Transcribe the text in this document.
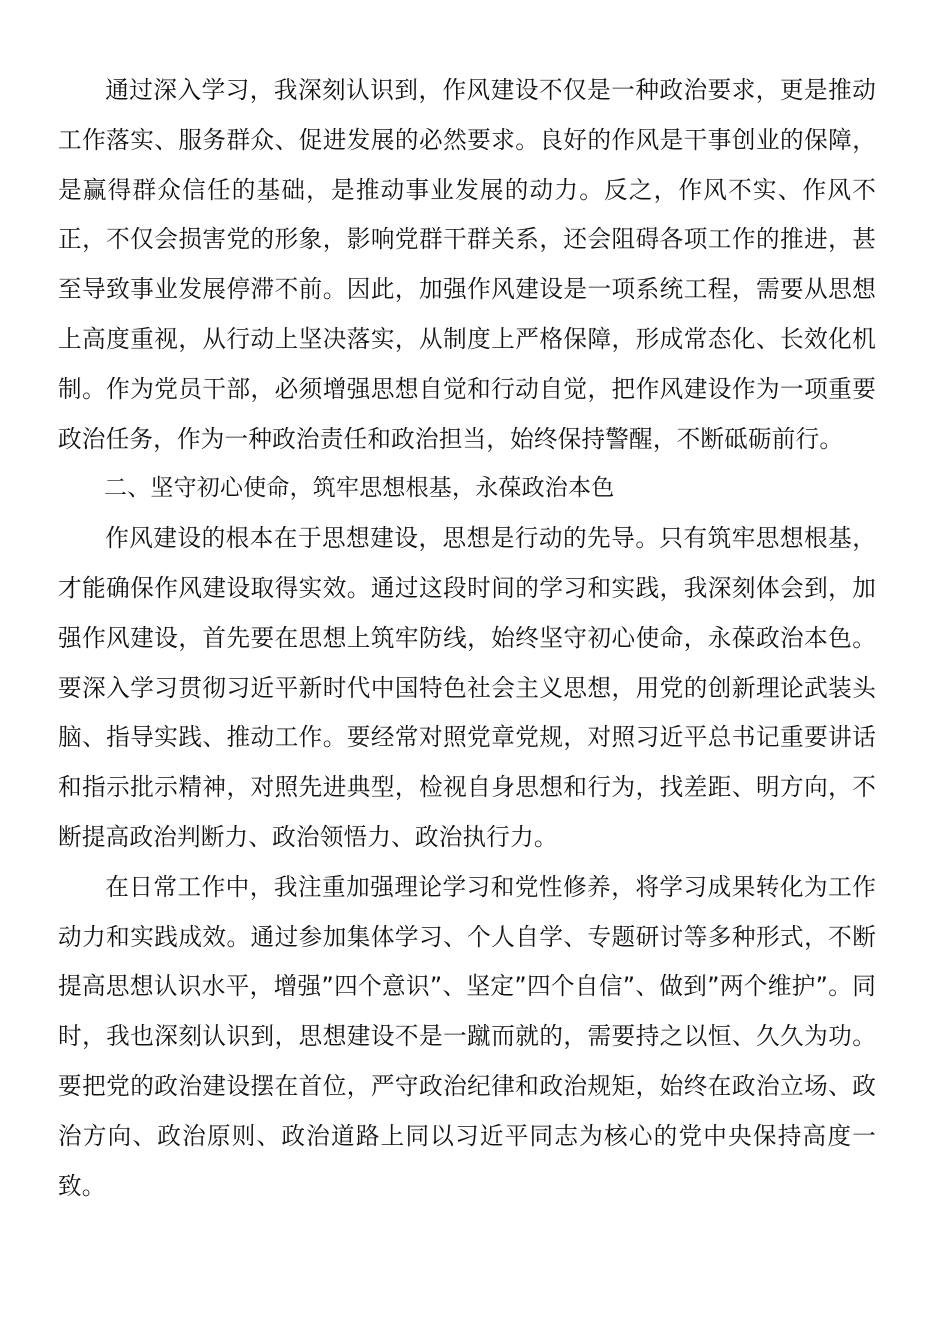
通过深入学习，我深刻认识到，作风建设不仅是一种政治要求，更是推动工作落实、服务群众、促进发展的必然要求。良好的作风是干事创业的保障，是赢得群众信任的基础，是推动事业发展的动力。反之，作风不实、作风不正，不仅会损害党的形象，影响党群干群关系，还会阻碍各项工作的推进，甚至导致事业发展停滞不前。因此，加强作风建设是一项系统工程，需要从思想上高度重视，从行动上坚决落实，从制度上严格保障，形成常态化、长效化机制。作为党员干部，必须增强思想自觉和行动自觉，把作风建设作为一项重要政治任务，作为一种政治责任和政治担当，始终保持警醒，不断砥砺前行。

二、坚守初心使命，筑牢思想根基，永葆政治本色

作风建设的根本在于思想建设，思想是行动的先导。只有筑牢思想根基，才能确保作风建设取得实效。通过这段时间的学习和实践，我深刻体会到，加强作风建设，首先要在思想上筑牢防线，始终坚守初心使命，永葆政治本色。要深入学习贯彻习近平新时代中国特色社会主义思想，用党的创新理论武装头脑、指导实践、推动工作。要经常对照党章党规，对照习近平总书记重要讲话和指示批示精神，对照先进典型，检视自身思想和行为，找差距、明方向，不断提高政治判断力、政治领悟力、政治执行力。

在日常工作中，我注重加强理论学习和党性修养，将学习成果转化为工作动力和实践成效。通过参加集体学习、个人自学、专题研讨等多种形式，不断提高思想认识水平，增强”四个意识”、坚定”四个自信”、做到”两个维护”。同时，我也深刻认识到，思想建设不是一蹴而就的，需要持之以恒、久久为功。要把党的政治建设摆在首位，严守政治纪律和政治规矩，始终在政治立场、政治方向、政治原则、政治道路上同以习近平同志为核心的党中央保持高度一致。
